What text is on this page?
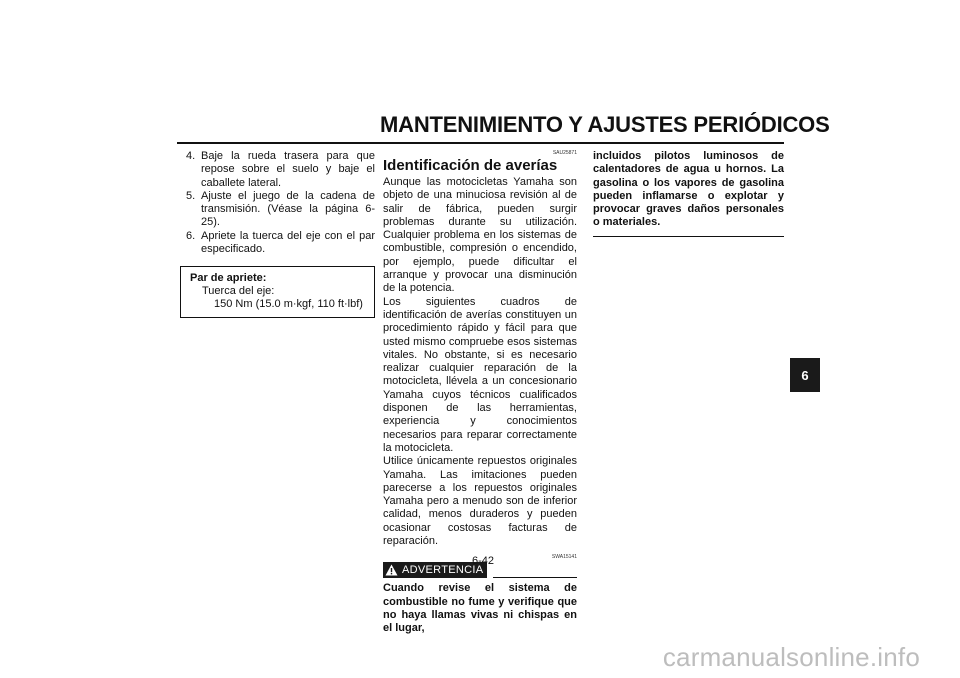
MANTENIMIENTO Y AJUSTES PERIÓDICOS
4. Baje la rueda trasera para que repose sobre el suelo y baje el caballete lateral.
5. Ajuste el juego de la cadena de transmisión. (Véase la página 6-25).
6. Apriete la tuerca del eje con el par especificado.
Par de apriete:
Tuerca del eje:
150 Nm (15.0 m·kgf, 110 ft·lbf)
SAU25871
Identificación de averías

Aunque las motocicletas Yamaha son objeto de una minuciosa revisión al de salir de fábrica, pueden surgir problemas durante su utilización. Cualquier problema en los sistemas de combustible, compresión o encendido, por ejemplo, puede dificultar el arranque y provocar una disminución de la potencia.

Los siguientes cuadros de identificación de averías constituyen un procedimiento rápido y fácil para que usted mismo compruebe esos sistemas vitales. No obstante, si es necesario realizar cualquier reparación de la motocicleta, llévela a un concesionario Yamaha cuyos técnicos cualificados disponen de las herramientas, experiencia y conocimientos necesarios para reparar correctamente la motocicleta.

Utilice únicamente repuestos originales Yamaha. Las imitaciones pueden parecerse a los repuestos originales Yamaha pero a menudo son de inferior calidad, menos duraderos y pueden ocasionar costosas facturas de reparación.

SWA15141
ADVERTENCIA
Cuando revise el sistema de combustible no fume y verifique que no haya llamas vivas ni chispas en el lugar,
incluidos pilotos luminosos de calentadores de agua u hornos. La gasolina o los vapores de gasolina pueden inflamarse o explotar y provocar graves daños personales o materiales.
6
6-42
carmanualsonline.info
